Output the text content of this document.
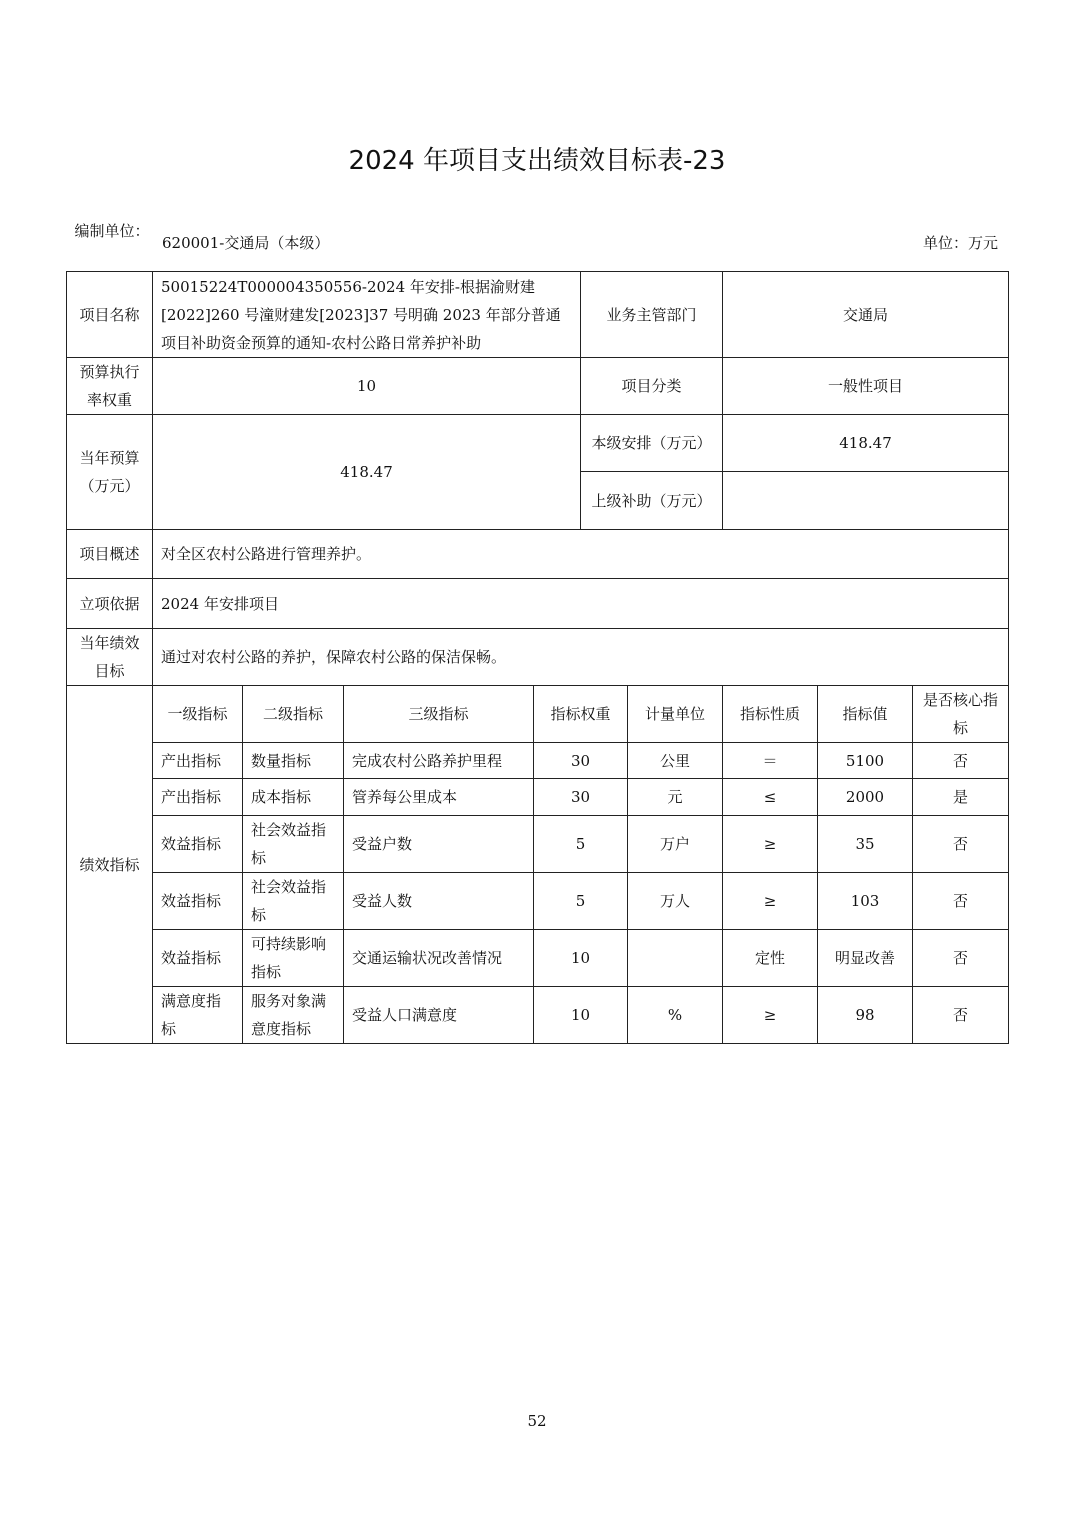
2024 年项目支出绩效目标表-23
编制单位：
620001-交通局（本级）	单位：万元
项目名称	50015224T000004350556-2024 年安排-根据渝财建[2022]260 号潼财建发[2023]37 号明确 2023 年部分普通项目补助资金预算的通知-农村公路日常养护补助				业务主管部门		交通局		
预算执行率权重	10				项目分类		一般性项目		
当年预算（万元）	418.47				本级安排（万元）		418.47		
					上级补助（万元）				
项目概述	对全区农村公路进行管理养护。								
立项依据	2024 年安排项目								
当年绩效目标	通过对农村公路的养护，保障农村公路的保洁保畅。								
绩效指标	一级指标	二级指标	三级指标	指标权重		计量单位	指标性质	指标值	是否核心指标
	产出指标	数量指标	完成农村公路养护里程	30		公里	＝	5100	否
	产出指标	成本指标	管养每公里成本	30		元	≤	2000	是
	效益指标	社会效益指标	受益户数	5		万户	≥	35	否
	效益指标	社会效益指标	受益人数	5		万人	≥	103	否
	效益指标	可持续影响指标	交通运输状况改善情况	10			定性	明显改善	否
	满意度指标	服务对象满意度指标	受益人口满意度	10		%	≥	98	否
52
